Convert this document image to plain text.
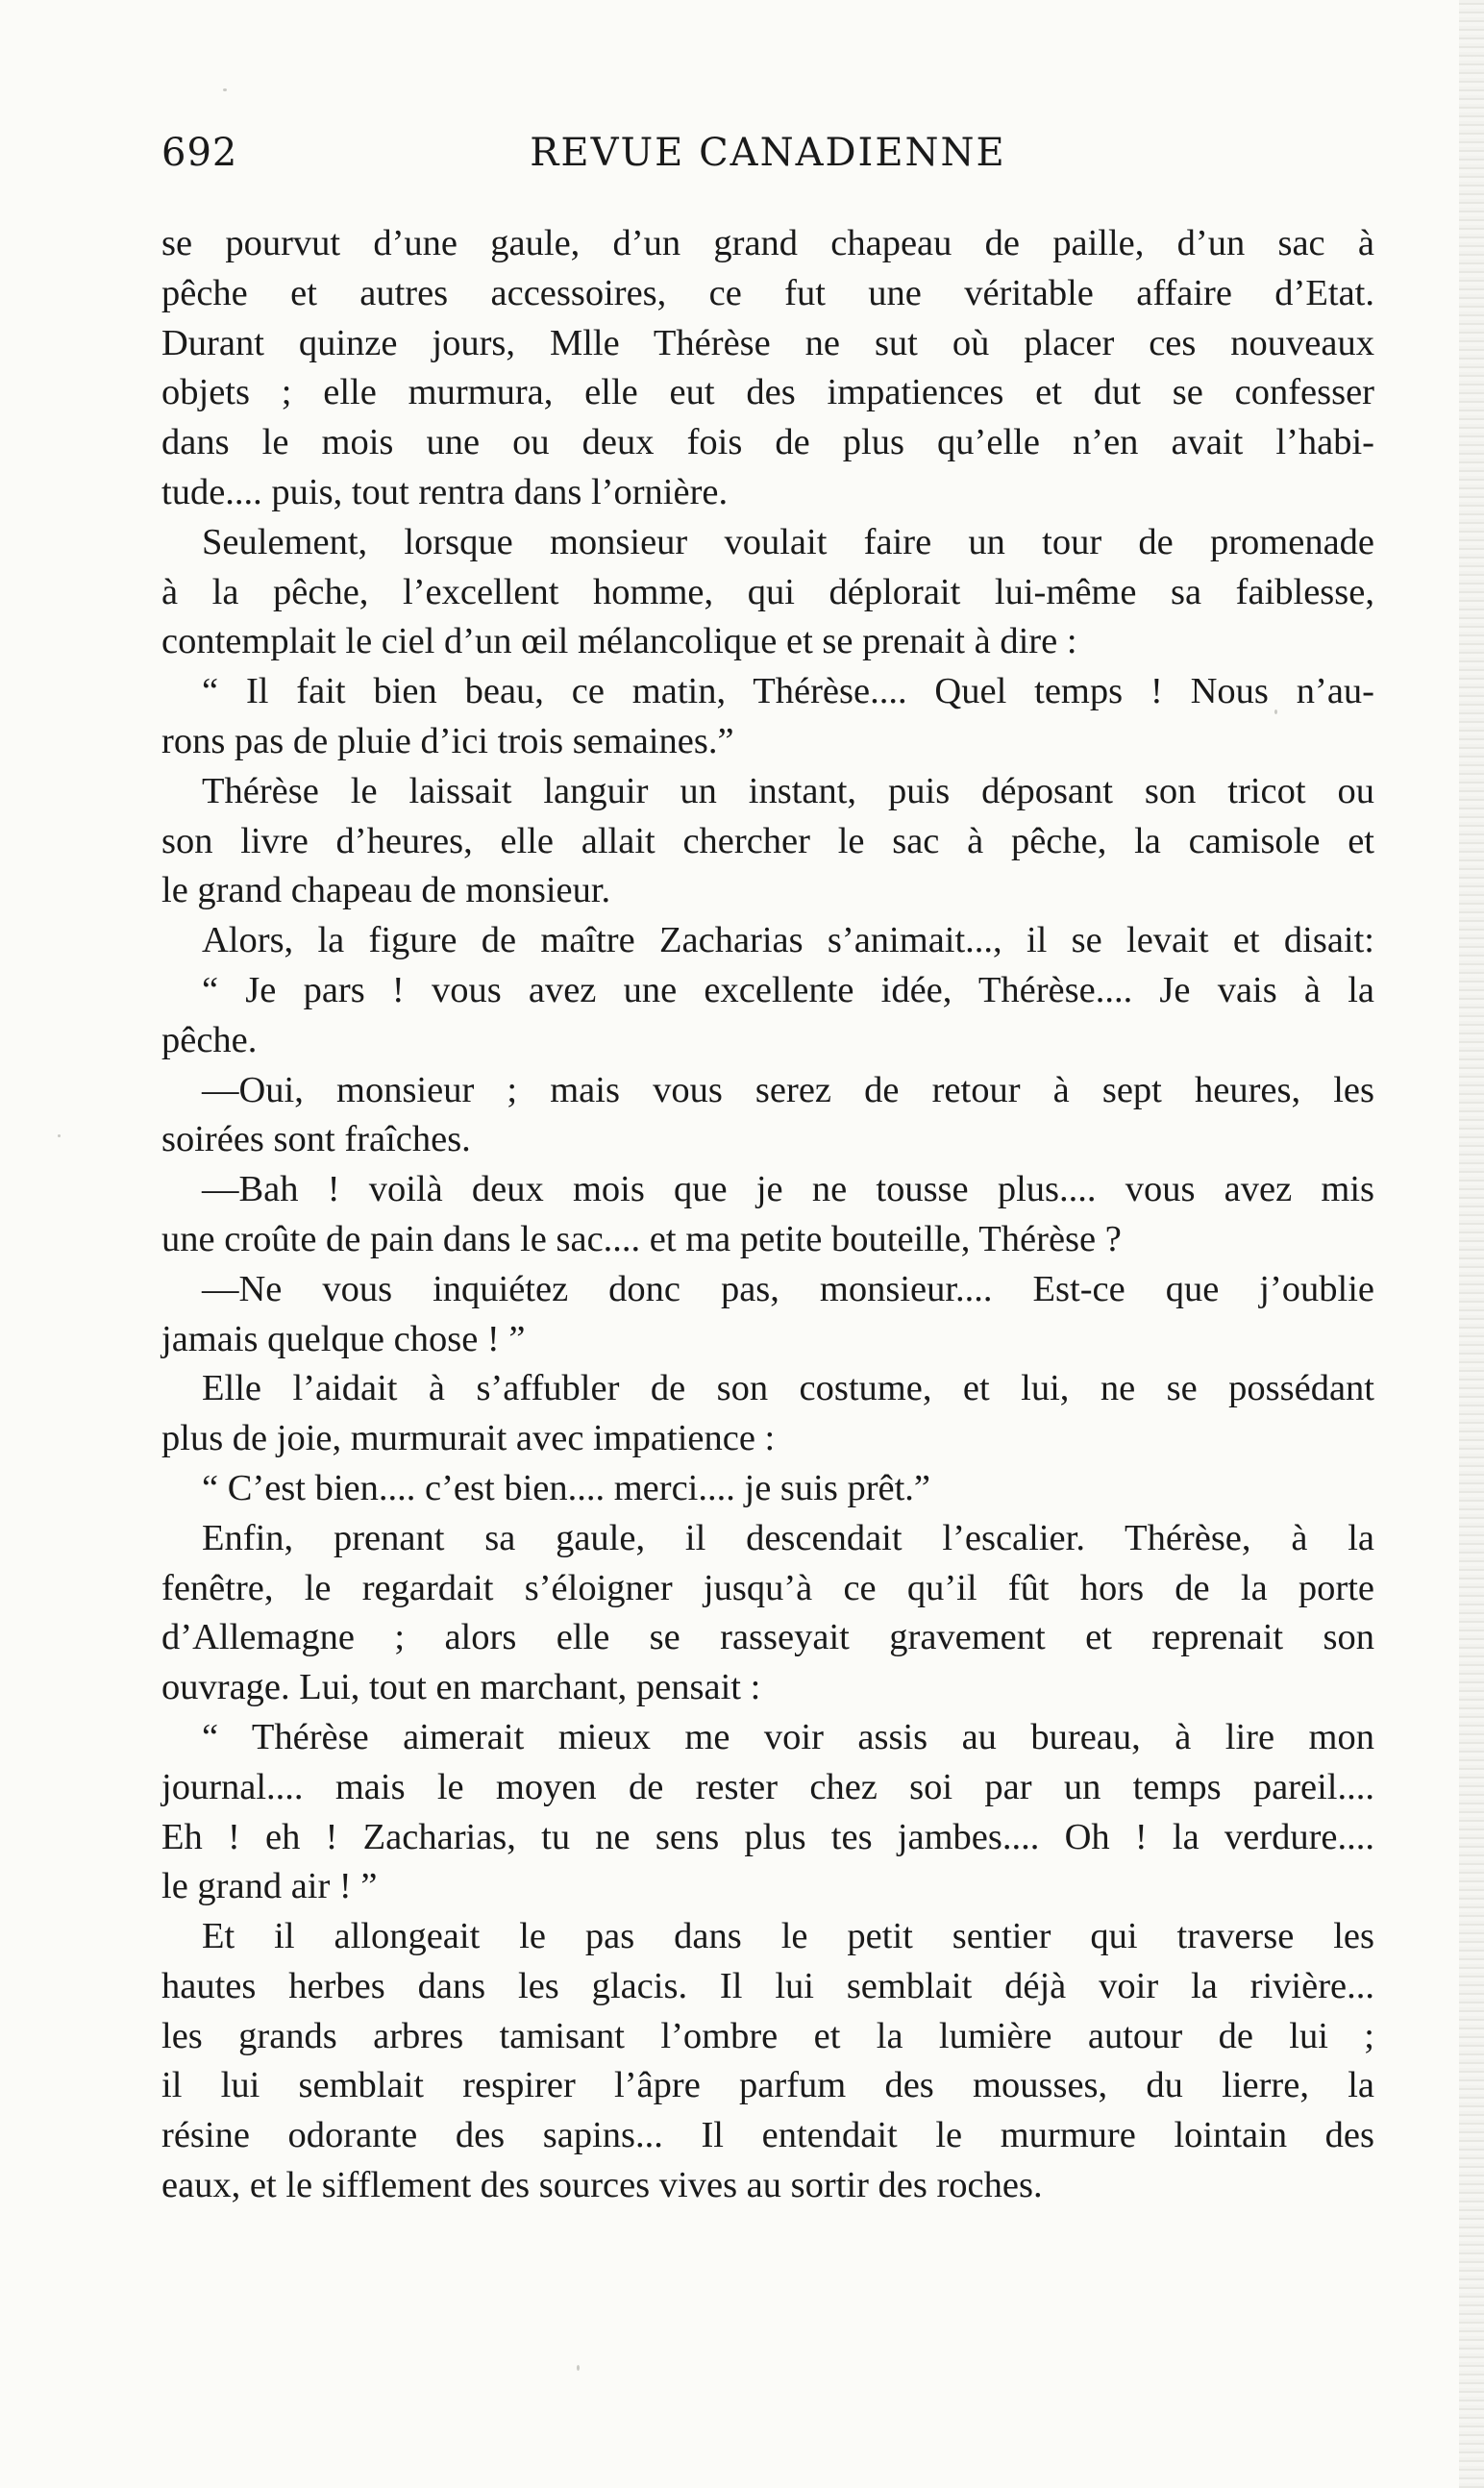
692	REVUE CANADIENNE
se pourvut d’une gaule, d’un grand chapeau de paille, d’un sac à
pêche et autres accessoires, ce fut une véritable affaire d’Etat.
Durant quinze jours, Mlle Thérèse ne sut où placer ces nouveaux
objets ; elle murmura, elle eut des impatiences et dut se confesser
dans le mois une ou deux fois de plus qu’elle n’en avait l’habi-
tude.... puis, tout rentra dans l’ornière.
Seulement, lorsque monsieur voulait faire un tour de promenade
à la pêche, l’excellent homme, qui déplorait lui-même sa faiblesse,
contemplait le ciel d’un œil mélancolique et se prenait à dire :
“ Il fait bien beau, ce matin, Thérèse.... Quel temps ! Nous n’au-
rons pas de pluie d’ici trois semaines.”
Thérèse le laissait languir un instant, puis déposant son tricot ou
son livre d’heures, elle allait chercher le sac à pêche, la camisole et
le grand chapeau de monsieur.
Alors, la figure de maître Zacharias s’animait..., il se levait et disait:
“ Je pars ! vous avez une excellente idée, Thérèse.... Je vais à la
pêche.
—Oui, monsieur ; mais vous serez de retour à sept heures, les
soirées sont fraîches.
—Bah ! voilà deux mois que je ne tousse plus.... vous avez mis
une croûte de pain dans le sac.... et ma petite bouteille, Thérèse ?
—Ne vous inquiétez donc pas, monsieur.... Est-ce que j’oublie
jamais quelque chose ! ”
Elle l’aidait à s’affubler de son costume, et lui, ne se possédant
plus de joie, murmurait avec impatience :
“ C’est bien.... c’est bien.... merci.... je suis prêt.”
Enfin, prenant sa gaule, il descendait l’escalier. Thérèse, à la
fenêtre, le regardait s’éloigner jusqu’à ce qu’il fût hors de la porte
d’Allemagne ; alors elle se rasseyait gravement et reprenait son
ouvrage. Lui, tout en marchant, pensait :
“ Thérèse aimerait mieux me voir assis au bureau, à lire mon
journal.... mais le moyen de rester chez soi par un temps pareil....
Eh ! eh ! Zacharias, tu ne sens plus tes jambes.... Oh ! la verdure....
le grand air ! ”
Et il allongeait le pas dans le petit sentier qui traverse les
hautes herbes dans les glacis. Il lui semblait déjà voir la rivière...
les grands arbres tamisant l’ombre et la lumière autour de lui ;
il lui semblait respirer l’âpre parfum des mousses, du lierre, la
résine odorante des sapins... Il entendait le murmure lointain des
eaux, et le sifflement des sources vives au sortir des roches.
